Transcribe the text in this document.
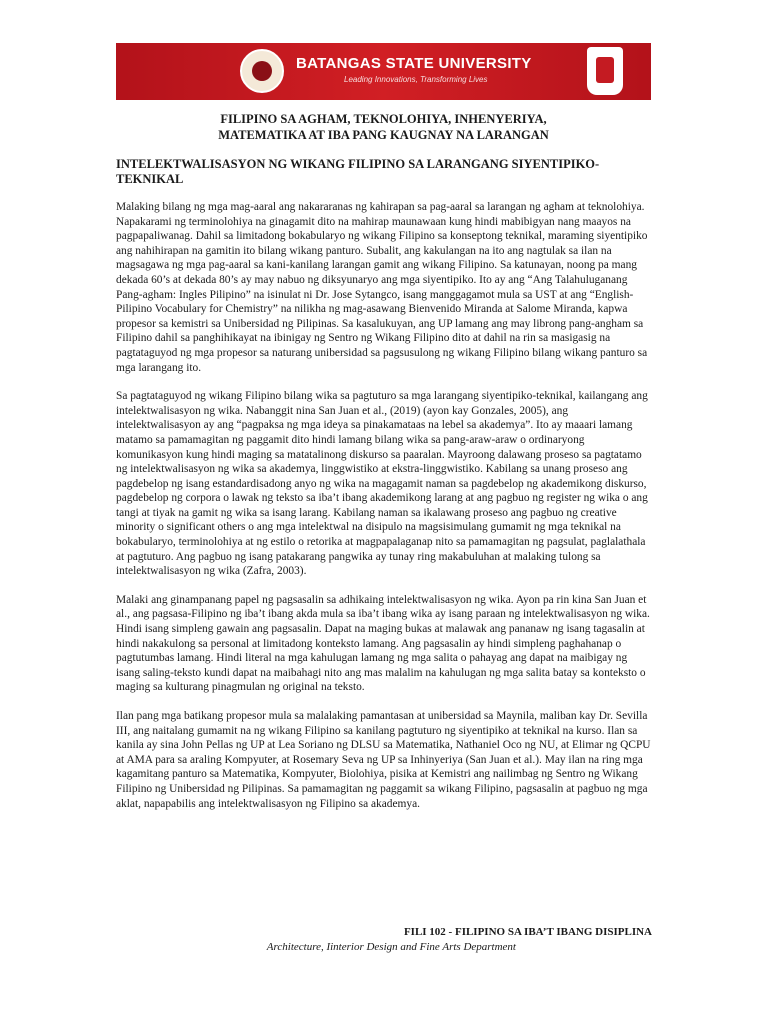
BATANGAS STATE UNIVERSITY
Leading Innovations, Transforming Lives
FILIPINO SA AGHAM, TEKNOLOHIYA, INHENYERIYA,
MATEMATIKA AT IBA PANG KAUGNAY NA LARANGAN
INTELEKTWALISASYON NG WIKANG FILIPINO SA LARANGANG SIYENTIPIKO-TEKNIKAL

Malaking bilang ng mga mag-aaral ang nakararanas ng kahirapan sa pag-aaral sa larangan ng agham at teknolohiya. Napakarami ng terminolohiya na ginagamit dito na mahirap maunawaan kung hindi mabibigyan nang maayos na pagpapaliwanag. Dahil sa limitadong bokabularyo ng wikang Filipino sa konseptong teknikal, maraming siyentipiko ang nahihirapan na gamitin ito bilang wikang panturo. Subalit, ang kakulangan na ito ang nagtulak sa ilan na magsagawa ng mga pag-aaral sa kani-kanilang larangan gamit ang wikang Filipino. Sa katunayan, noong pa mang dekada 60’s at dekada 80’s ay may nabuo ng diksyunaryo ang mga siyentipiko. Ito ay ang “Ang Talahuluganang Pang-agham: Ingles Pilipino” na isinulat ni Dr. Jose Sytangco, isang manggagamot mula sa UST at ang “English-Pilipino Vocabulary for Chemistry” na nilikha ng mag-asawang Bienvenido Miranda at Salome Miranda, kapwa propesor sa kemistri sa Unibersidad ng Pilipinas. Sa kasalukuyan, ang UP lamang ang may librong pang-angham sa Filipino dahil sa panghihikayat na ibinigay ng Sentro ng Wikang Filipino dito at dahil na rin sa masigasig na pagtataguyod ng mga propesor sa naturang unibersidad sa pagsusulong ng wikang Filipino bilang wikang panturo sa mga larangang ito.

Sa pagtataguyod ng wikang Filipino bilang wika sa pagtuturo sa mga larangang siyentipiko-teknikal, kailangang ang intelektwalisasyon ng wika. Nabanggit nina San Juan et al., (2019) (ayon kay Gonzales, 2005), ang intelektwalisasyon ay ang “pagpaksa ng mga ideya sa pinakamataas na lebel sa akademya”. Ito ay maaari lamang matamo sa pamamagitan ng paggamit dito hindi lamang bilang wika sa pang-araw-araw o ordinaryong komunikasyon kung hindi maging sa matatalinong diskurso sa paaralan. Mayroong dalawang proseso sa pagtatamo ng intelektwalisasyon ng wika sa akademya, linggwistiko at ekstra-linggwistiko. Kabilang sa unang proseso ang pagdebelop ng isang estandardisadong anyo ng wika na magagamit naman sa pagdebelop ng akademikong diskurso, pagdebelop ng corpora o lawak ng teksto sa iba’t ibang akademikong larang at ang pagbuo ng register ng wika o ang tangi at tiyak na gamit ng wika sa isang larang. Kabilang naman sa ikalawang proseso ang pagbuo ng creative minority o significant others o ang mga intelektwal na disipulo na magsisimulang gumamit ng mga teknikal na bokabularyo, terminolohiya at ng estilo o retorika at magpapalaganap nito sa pamamagitan ng pagsulat, paglalathala at pagtuturo. Ang pagbuo ng isang patakarang pangwika ay tunay ring makabuluhan at malaking tulong sa intelektwalisasyon ng wika (Zafra, 2003).

Malaki ang ginampanang papel ng pagsasalin sa adhikaing intelektwalisasyon ng wika. Ayon pa rin kina San Juan et al., ang pagsasa-Filipino ng iba’t ibang akda mula sa iba’t ibang wika ay isang paraan ng intelektwalisasyon ng wika. Hindi isang simpleng gawain ang pagsasalin. Dapat na maging bukas at malawak ang pananaw ng isang tagasalin at hindi nakakulong sa personal at limitadong konteksto lamang. Ang pagsasalin ay hindi simpleng paghahanap o pagtutumbas lamang. Hindi literal na mga kahulugan lamang ng mga salita o pahayag ang dapat na maibigay ng isang saling-teksto kundi dapat na maibahagi nito ang mas malalim na kahulugan ng mga salita batay sa konteksto o maging sa kulturang pinagmulan ng original na teksto.

Ilan pang mga batikang propesor mula sa malalaking pamantasan at unibersidad sa Maynila, maliban kay Dr. Sevilla III, ang naitalang gumamit na ng wikang Filipino sa kanilang pagtuturo ng siyentipiko at teknikal na kurso. Ilan sa kanila ay sina John Pellas ng UP at Lea Soriano ng DLSU sa Matematika, Nathaniel Oco ng NU, at Elimar ng QCPU at AMA para sa araling Kompyuter, at Rosemary Seva ng UP sa Inhinyeriya (San Juan et al.). May ilan na ring mga kagamitang panturo sa Matematika, Kompyuter, Biolohiya, pisika at Kemistri ang nailimbag ng Sentro ng Wikang Filipino ng Unibersidad ng Pilipinas. Sa pamamagitan ng paggamit sa wikang Filipino, pagsasalin at pagbuo ng mga aklat, napapabilis ang intelektwalisasyon ng Filipino sa akademya.

FILI 102 - FILIPINO SA IBA’T IBANG DISIPLINA
Architecture, Iinterior Design and Fine Arts Department
